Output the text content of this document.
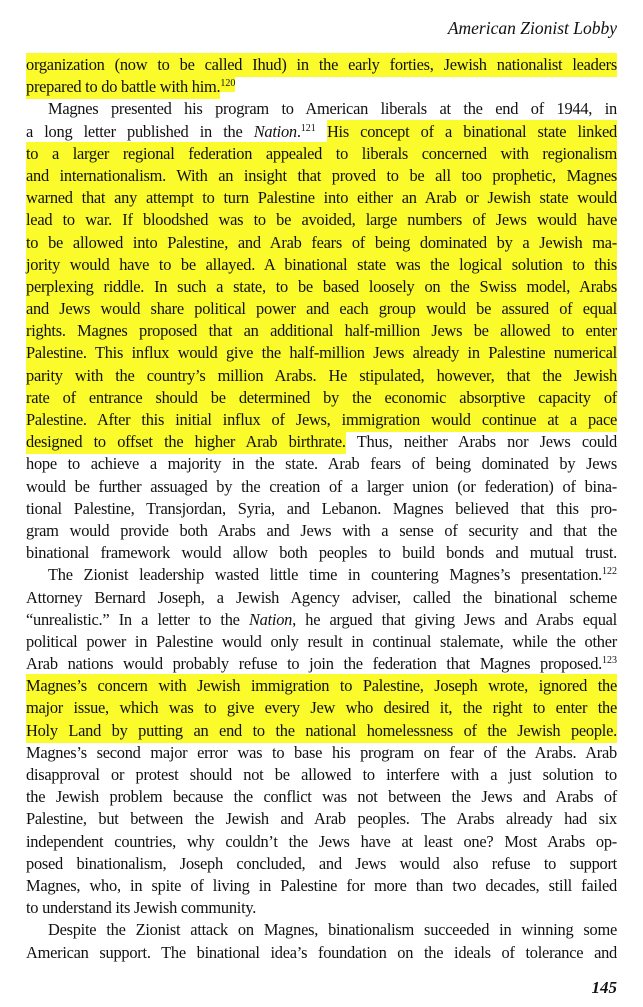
American Zionist Lobby
organization (now to be called Ihud) in the early forties, Jewish nationalist leaders
prepared to do battle with him.$^{120}$
Magnes presented his program to American liberals at the end of 1944, in
a long letter published in the Nation.$^{121}$ His concept of a binational state linked
to a larger regional federation appealed to liberals concerned with regionalism
and internationalism. With an insight that proved to be all too prophetic, Magnes
warned that any attempt to turn Palestine into either an Arab or Jewish state would
lead to war. If bloodshed was to be avoided, large numbers of Jews would have
to be allowed into Palestine, and Arab fears of being dominated by a Jewish ma-
jority would have to be allayed. A binational state was the logical solution to this
perplexing riddle. In such a state, to be based loosely on the Swiss model, Arabs
and Jews would share political power and each group would be assured of equal
rights. Magnes proposed that an additional half-million Jews be allowed to enter
Palestine. This influx would give the half-million Jews already in Palestine numerical
parity with the country’s million Arabs. He stipulated, however, that the Jewish
rate of entrance should be determined by the economic absorptive capacity of
Palestine. After this initial influx of Jews, immigration would continue at a pace
designed to offset the higher Arab birthrate. Thus, neither Arabs nor Jews could
hope to achieve a majority in the state. Arab fears of being dominated by Jews
would be further assuaged by the creation of a larger union (or federation) of bina-
tional Palestine, Transjordan, Syria, and Lebanon. Magnes believed that this pro-
gram would provide both Arabs and Jews with a sense of security and that the
binational framework would allow both peoples to build bonds and mutual trust.
The Zionist leadership wasted little time in countering Magnes’s presentation.$^{122}$
Attorney Bernard Joseph, a Jewish Agency adviser, called the binational scheme
“unrealistic.” In a letter to the Nation, he argued that giving Jews and Arabs equal
political power in Palestine would only result in continual stalemate, while the other
Arab nations would probably refuse to join the federation that Magnes proposed.$^{123}$
Magnes’s concern with Jewish immigration to Palestine, Joseph wrote, ignored the
major issue, which was to give every Jew who desired it, the right to enter the
Holy Land by putting an end to the national homelessness of the Jewish people.
Magnes’s second major error was to base his program on fear of the Arabs. Arab
disapproval or protest should not be allowed to interfere with a just solution to
the Jewish problem because the conflict was not between the Jews and Arabs of
Palestine, but between the Jewish and Arab peoples. The Arabs already had six
independent countries, why couldn’t the Jews have at least one? Most Arabs op-
posed binationalism, Joseph concluded, and Jews would also refuse to support
Magnes, who, in spite of living in Palestine for more than two decades, still failed
to understand its Jewish community.
Despite the Zionist attack on Magnes, binationalism succeeded in winning some
American support. The binational idea’s foundation on the ideals of tolerance and
145
